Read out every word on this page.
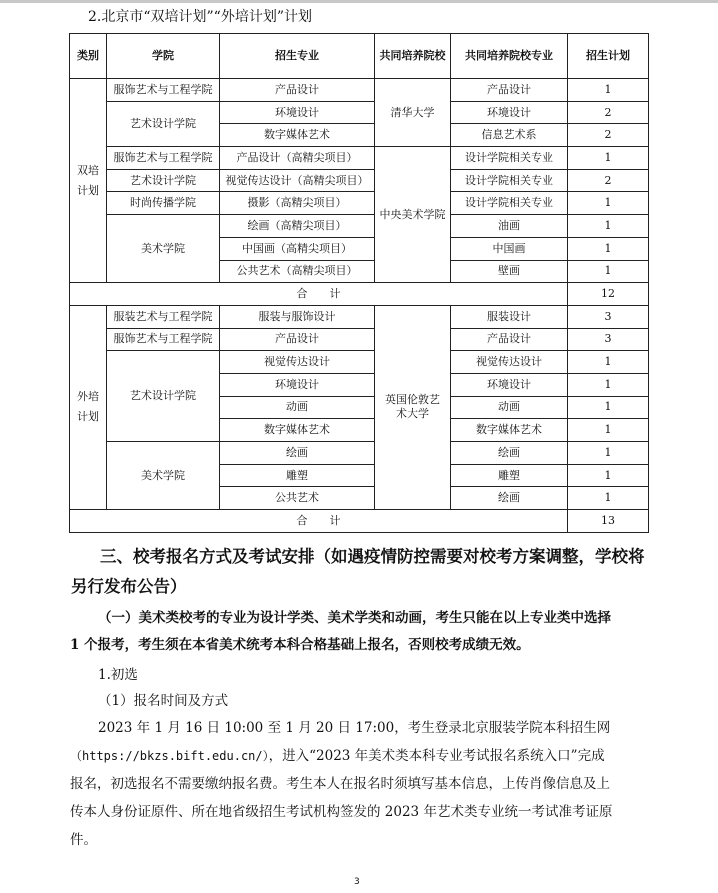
2.北京市“双培计划”“外培计划”计划
类别	学院	招生专业	共同培养院校	共同培养院校专业	招生计划
双培计划	服饰艺术与工程学院	产品设计	清华大学	产品设计	1
	艺术设计学院	环境设计		环境设计	2
		数字媒体艺术		信息艺术系	2
	服饰艺术与工程学院	产品设计（高精尖项目）	中央美术学院	设计学院相关专业	1
	艺术设计学院	视觉传达设计（高精尖项目）		设计学院相关专业	2
	时尚传播学院	摄影（高精尖项目）		设计学院相关专业	1
	美术学院	绘画（高精尖项目）		油画	1
		中国画（高精尖项目）		中国画	1
		公共艺术（高精尖项目）		壁画	1
合　　计					12
外培计划	服装艺术与工程学院	服装与服饰设计	英国伦敦艺术大学	服装设计	3
	服饰艺术与工程学院	产品设计		产品设计	3
	艺术设计学院	视觉传达设计		视觉传达设计	1
		环境设计		环境设计	1
		动画		动画	1
		数字媒体艺术		数字媒体艺术	1
	美术学院	绘画		绘画	1
		雕塑		雕塑	1
		公共艺术		绘画	1
合　　计					13
三、校考报名方式及考试安排（如遇疫情防控需要对校考方案调整，学校将
另行发布公告）

（一）美术类校考的专业为设计学类、美术学类和动画，考生只能在以上专业类中选择

1 个报考，考生须在本省美术统考本科合格基础上报名，否则校考成绩无效。

1.初选

（1）报名时间及方式

2023 年 1 月 16 日 10:00 至 1 月 20 日 17:00，考生登录北京服装学院本科招生网

（https://bkzs.bift.edu.cn/），进入“2023 年美术类本科专业考试报名系统入口”完成

报名，初选报名不需要缴纳报名费。考生本人在报名时须填写基本信息，上传肖像信息及上

传本人身份证原件、所在地省级招生考试机构签发的 2023 年艺术类专业统一考试准考证原

件。

3
